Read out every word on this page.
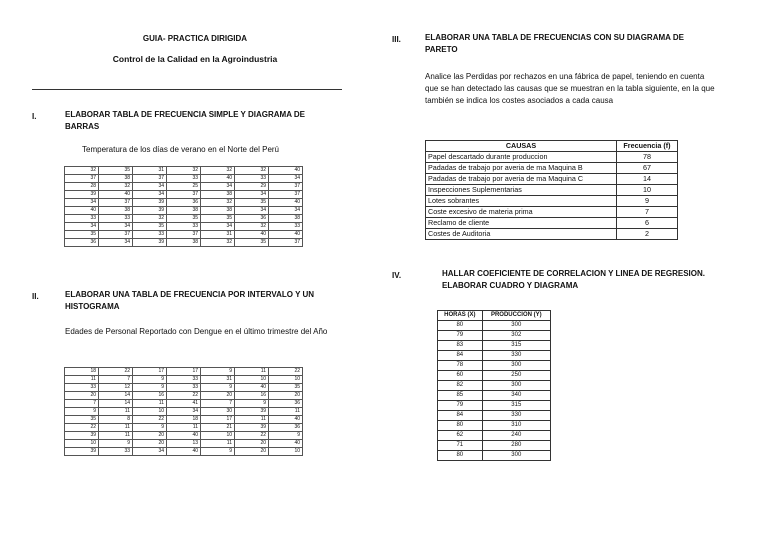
GUIA- PRACTICA DIRIGIDA
Control de la Calidad en la Agroindustria
I.	ELABORAR TABLA DE FRECUENCIA SIMPLE Y DIAGRAMA DE BARRAS
Temperatura de los días de verano en el Norte del Perú
32	35	31	32	32	32	40
37	38	37	33	40	33	34
28	32	34	25	34	29	37
39	40	34	37	38	34	37
34	37	39	36	32	35	40
40	38	39	38	38	34	34
33	33	32	35	35	36	38
34	34	35	33	34	32	33
35	37	33	37	31	40	40
36	34	39	38	32	35	37
II.	ELABORAR UNA TABLA DE FRECUENCIA POR INTERVALO Y UN HISTOGRAMA
Edades de Personal Reportado con Dengue en el último trimestre del Año
18	22	17	17	9	11	22
11	7	9	33	31	10	10
33	12	9	33	9	40	35
20	14	16	22	20	16	20
7	14	11	41	7	9	36
9	11	10	34	30	39	11
35	8	22	18	17	11	40
22	11	9	11	21	39	36
39	11	20	40	10	22	9
10	9	20	13	11	20	40
39	33	34	40	9	20	10
III.	ELABORAR UNA TABLA DE FRECUENCIAS CON SU DIAGRAMA DE PARETO
Analice las Perdidas por rechazos en una fábrica de papel, teniendo en cuenta que se han detectado las causas que se muestran en la tabla siguiente, en la que también se indica los costes asociados a cada causa
CAUSAS	Frecuencia (f)
Papel descartado durante produccion	78
Padadas de trabajo por averia de ma Maquina B	67
Padadas de trabajo por averia de ma Maquina C	14
Inspecciones Suplementarias	10
Lotes sobrantes	9
Coste excesivo de materia prima	7
Reclamo de cliente	6
Costes de Auditoria	2
IV.	HALLAR COEFICIENTE DE CORRELACION Y LINEA DE REGRESION. ELABORAR CUADRO Y DIAGRAMA
HORAS (X)	PRODUCCION (Y)
80	300
79	302
83	315
84	330
78	300
60	250
82	300
85	340
79	315
84	330
80	310
62	240
71	280
80	300
